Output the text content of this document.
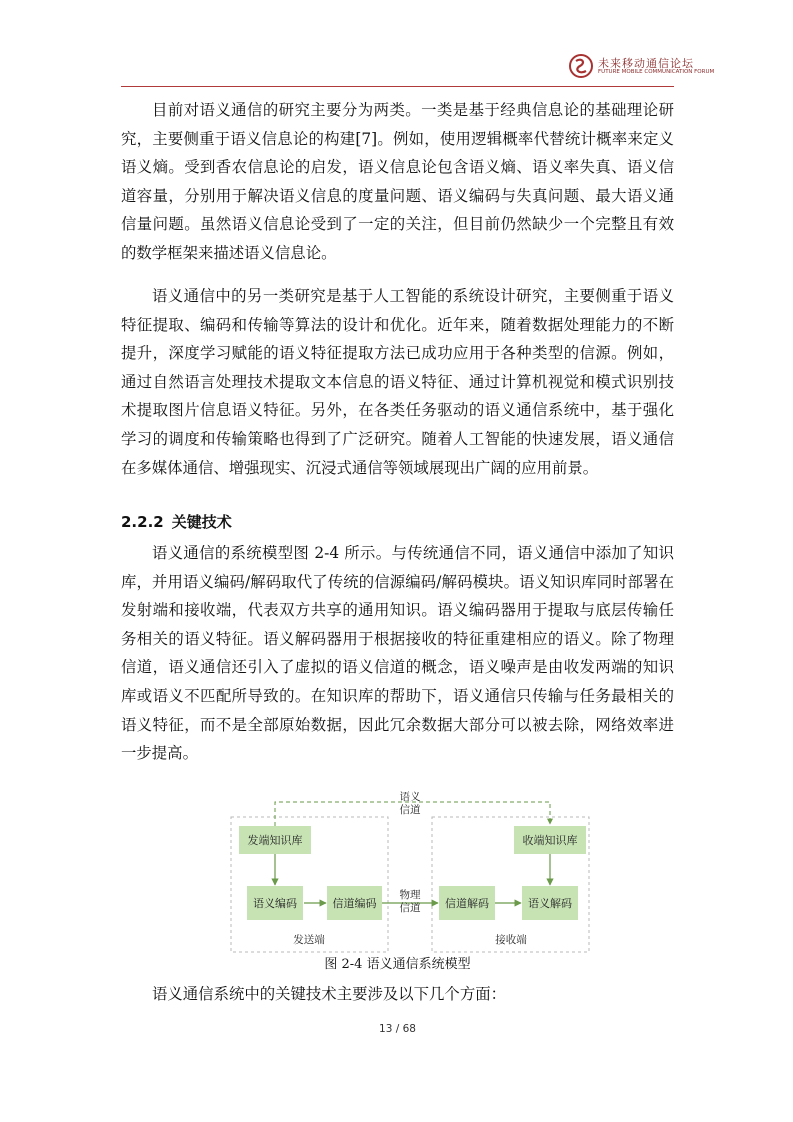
未来移动通信论坛
FUTURE MOBILE COMMUNICATION FORUM

目前对语义通信的研究主要分为两类。一类是基于经典信息论的基础理论研究，主要侧重于语义信息论的构建[7]。例如，使用逻辑概率代替统计概率来定义语义熵。受到香农信息论的启发，语义信息论包含语义熵、语义率失真、语义信道容量，分别用于解决语义信息的度量问题、语义编码与失真问题、最大语义通信量问题。虽然语义信息论受到了一定的关注，但目前仍然缺少一个完整且有效的数学框架来描述语义信息论。

语义通信中的另一类研究是基于人工智能的系统设计研究，主要侧重于语义特征提取、编码和传输等算法的设计和优化。近年来，随着数据处理能力的不断提升，深度学习赋能的语义特征提取方法已成功应用于各种类型的信源。例如，通过自然语言处理技术提取文本信息的语义特征、通过计算机视觉和模式识别技术提取图片信息语义特征。另外，在各类任务驱动的语义通信系统中，基于强化学习的调度和传输策略也得到了广泛研究。随着人工智能的快速发展，语义通信在多媒体通信、增强现实、沉浸式通信等领域展现出广阔的应用前景。

2.2.2 关键技术

语义通信的系统模型图 2-4 所示。与传统通信不同，语义通信中添加了知识库，并用语义编码/解码取代了传统的信源编码/解码模块。语义知识库同时部署在发射端和接收端，代表双方共享的通用知识。语义编码器用于提取与底层传输任务相关的语义特征。语义解码器用于根据接收的特征重建相应的语义。除了物理信道，语义通信还引入了虚拟的语义信道的概念，语义噪声是由收发两端的知识库或语义不匹配所导致的。在知识库的帮助下，语义通信只传输与任务最相关的语义特征，而不是全部原始数据，因此冗余数据大部分可以被去除，网络效率进一步提高。

语义
信道
发端知识库	收端知识库
语义编码	信道编码
物理
信道	信道解码	语义解码
发送端	接收端

图 2-4 语义通信系统模型

语义通信系统中的关键技术主要涉及以下几个方面：

13 / 68
